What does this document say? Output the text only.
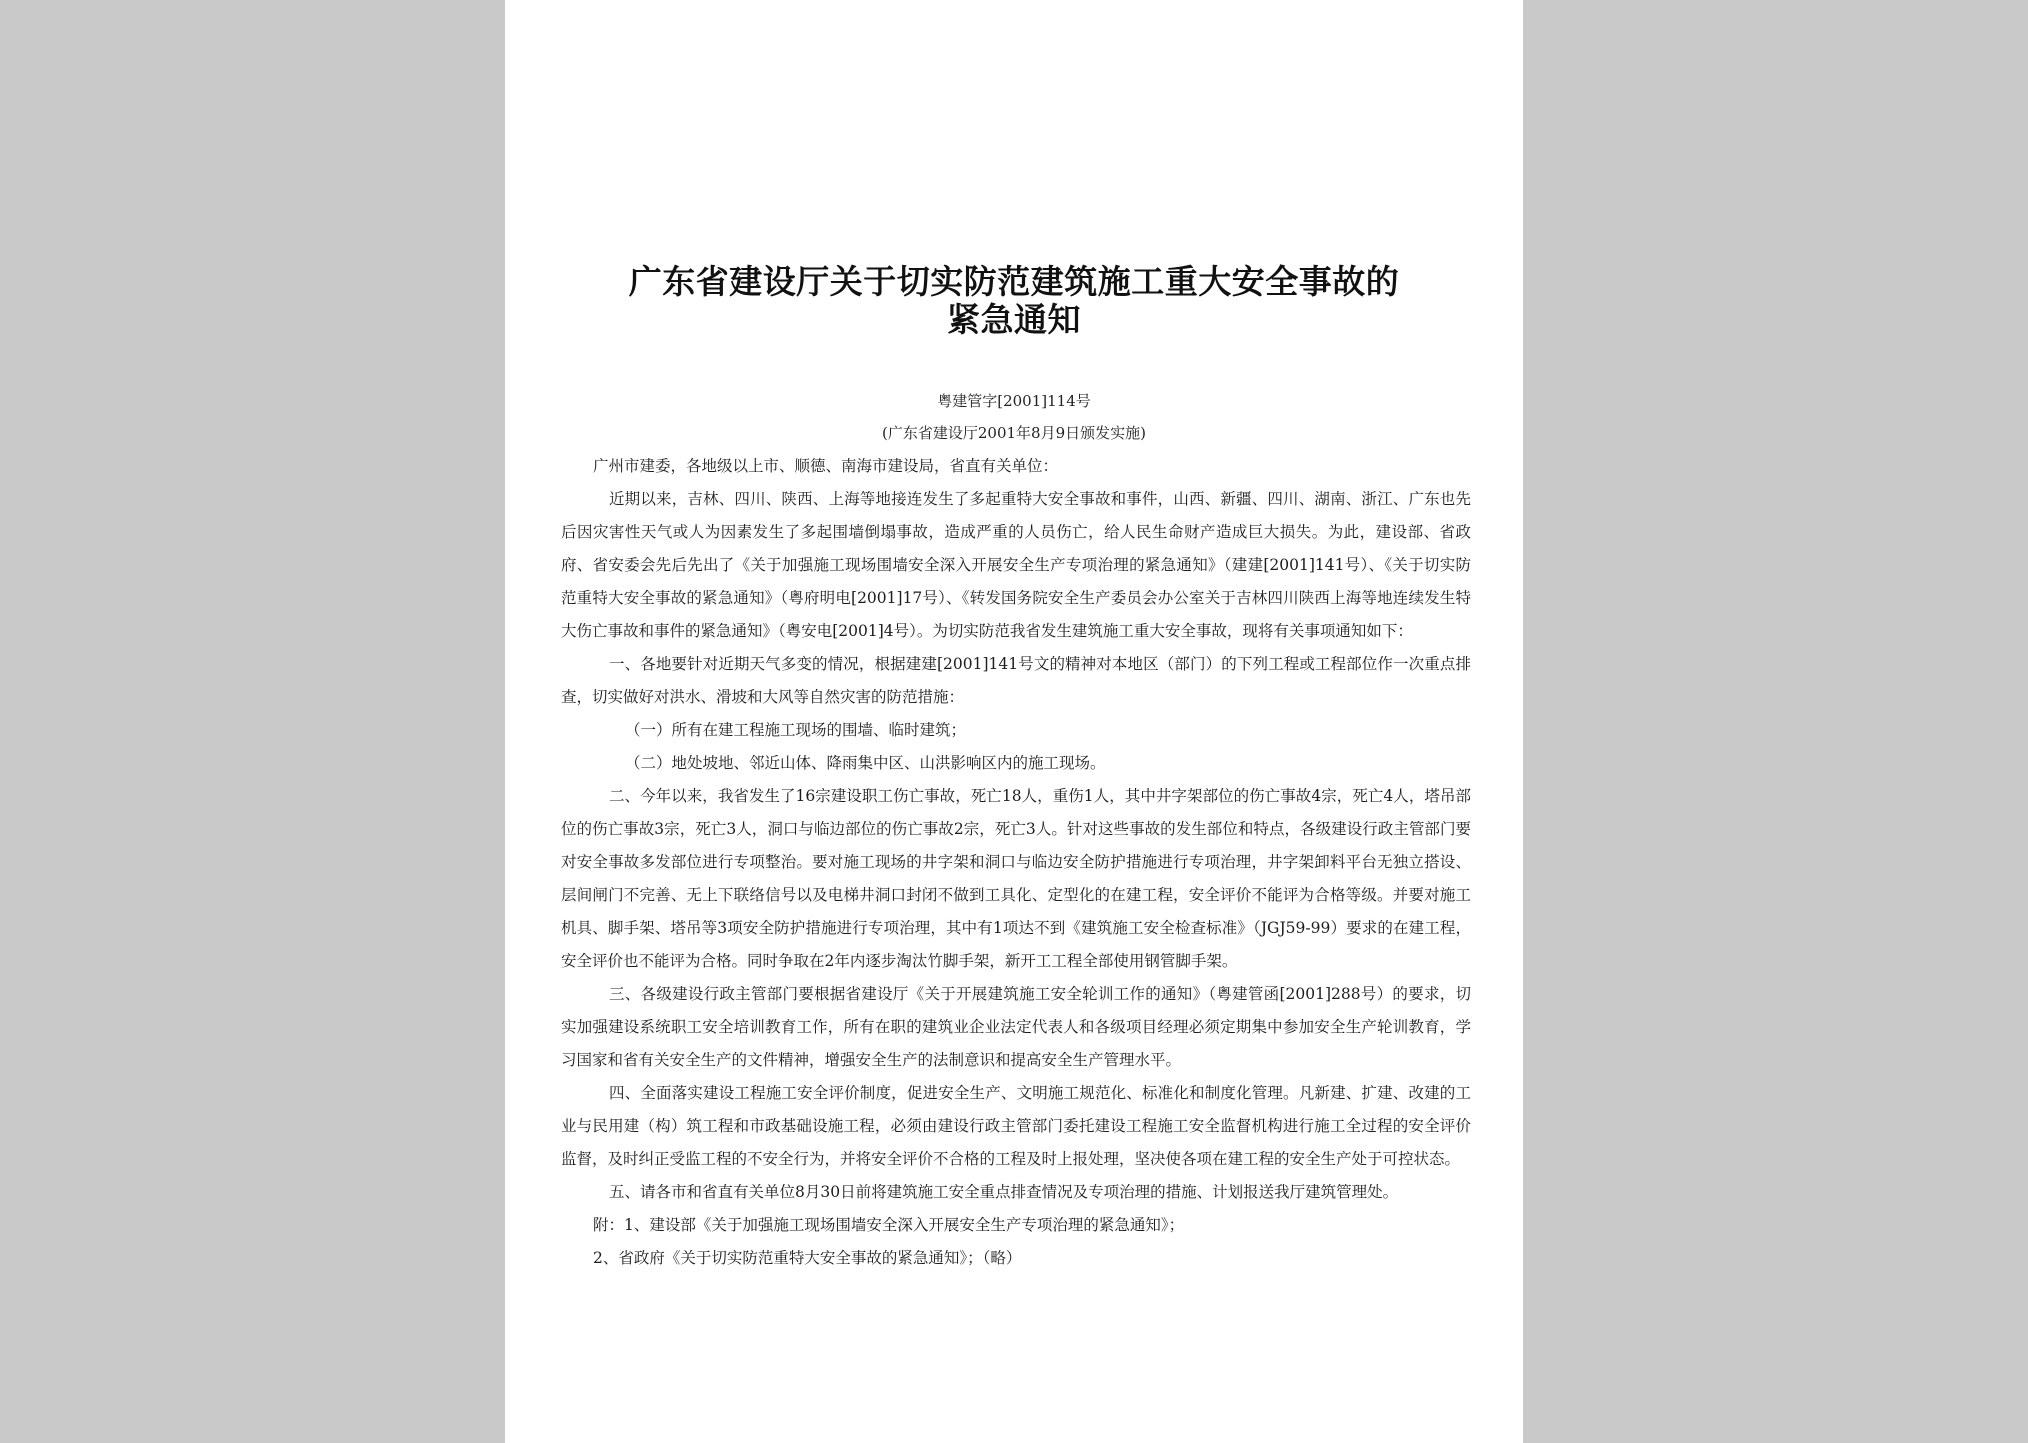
广东省建设厅关于切实防范建筑施工重大安全事故的
紧急通知
粤建管字[2001]114号
(广东省建设厅2001年8月9日颁发实施)

广州市建委，各地级以上市、顺德、南海市建设局，省直有关单位：

近期以来，吉林、四川、陕西、上海等地接连发生了多起重特大安全事故和事件，山西、新疆、四川、湖南、浙江、广东也先后因灾害性天气或人为因素发生了多起围墙倒塌事故，造成严重的人员伤亡，给人民生命财产造成巨大损失。为此，建设部、省政府、省安委会先后先出了《关于加强施工现场围墙安全深入开展安全生产专项治理的紧急通知》（建建[2001]141号）、《关于切实防范重特大安全事故的紧急通知》（粤府明电[2001]17号）、《转发国务院安全生产委员会办公室关于吉林四川陕西上海等地连续发生特大伤亡事故和事件的紧急通知》（粤安电[2001]4号）。为切实防范我省发生建筑施工重大安全事故，现将有关事项通知如下：

一、各地要针对近期天气多变的情况，根据建建[2001]141号文的精神对本地区（部门）的下列工程或工程部位作一次重点排查，切实做好对洪水、滑坡和大风等自然灾害的防范措施：

（一）所有在建工程施工现场的围墙、临时建筑；

（二）地处坡地、邻近山体、降雨集中区、山洪影响区内的施工现场。

二、今年以来，我省发生了16宗建设职工伤亡事故，死亡18人，重伤1人，其中井字架部位的伤亡事故4宗，死亡4人，塔吊部位的伤亡事故3宗，死亡3人，洞口与临边部位的伤亡事故2宗，死亡3人。针对这些事故的发生部位和特点，各级建设行政主管部门要对安全事故多发部位进行专项整治。要对施工现场的井字架和洞口与临边安全防护措施进行专项治理，井字架卸料平台无独立搭设、层间闸门不完善、无上下联络信号以及电梯井洞口封闭不做到工具化、定型化的在建工程，安全评价不能评为合格等级。并要对施工机具、脚手架、塔吊等3项安全防护措施进行专项治理，其中有1项达不到《建筑施工安全检查标准》（JGJ59-99）要求的在建工程，安全评价也不能评为合格。同时争取在2年内逐步淘汰竹脚手架，新开工工程全部使用钢管脚手架。

三、各级建设行政主管部门要根据省建设厅《关于开展建筑施工安全轮训工作的通知》（粤建管函[2001]288号）的要求，切实加强建设系统职工安全培训教育工作，所有在职的建筑业企业法定代表人和各级项目经理必须定期集中参加安全生产轮训教育，学习国家和省有关安全生产的文件精神，增强安全生产的法制意识和提高安全生产管理水平。

四、全面落实建设工程施工安全评价制度，促进安全生产、文明施工规范化、标准化和制度化管理。凡新建、扩建、改建的工业与民用建（构）筑工程和市政基础设施工程，必须由建设行政主管部门委托建设工程施工安全监督机构进行施工全过程的安全评价监督，及时纠正受监工程的不安全行为，并将安全评价不合格的工程及时上报处理，坚决使各项在建工程的安全生产处于可控状态。

五、请各市和省直有关单位8月30日前将建筑施工安全重点排查情况及专项治理的措施、计划报送我厅建筑管理处。

附：1、建设部《关于加强施工现场围墙安全深入开展安全生产专项治理的紧急通知》；

2、省政府《关于切实防范重特大安全事故的紧急通知》；（略）
